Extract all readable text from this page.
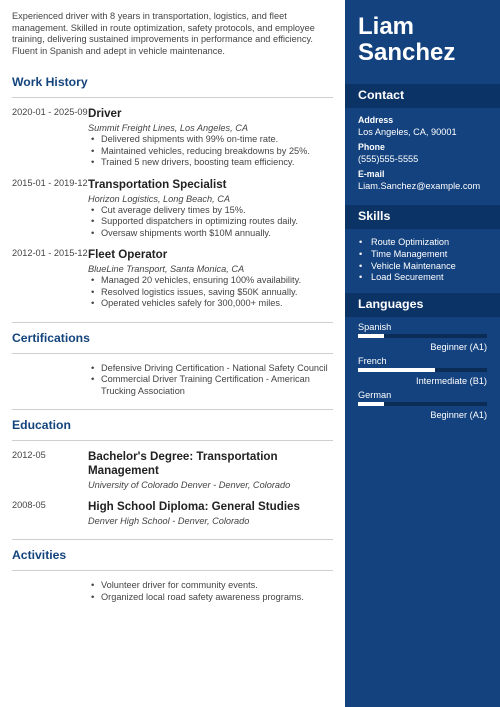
Experienced driver with 8 years in transportation, logistics, and fleet management. Skilled in route optimization, safety protocols, and employee training, delivering sustained improvements in performance and efficiency. Fluent in Spanish and adept in vehicle maintenance.

Work History
2020-01 - 2025-09 Driver
Summit Freight Lines, Los Angeles, CA
• Delivered shipments with 99% on-time rate.
• Maintained vehicles, reducing breakdowns by 25%.
• Trained 5 new drivers, boosting team efficiency.
2015-01 - 2019-12 Transportation Specialist
Horizon Logistics, Long Beach, CA
• Cut average delivery times by 15%.
• Supported dispatchers in optimizing routes daily.
• Oversaw shipments worth $10M annually.
2012-01 - 2015-12 Fleet Operator
BlueLine Transport, Santa Monica, CA
• Managed 20 vehicles, ensuring 100% availability.
• Resolved logistics issues, saving $50K annually.
• Operated vehicles safely for 300,000+ miles.
Certifications
• Defensive Driving Certification - National Safety Council
• Commercial Driver Training Certification - American Trucking Association
Education
2012-05	Bachelor's Degree: Transportation Management
University of Colorado Denver - Denver, Colorado
2008-05	High School Diploma: General Studies
Denver High School - Denver, Colorado
Activities
• Volunteer driver for community events.
• Organized local road safety awareness programs.
Liam
Sanchez
Contact
Address
Los Angeles, CA, 90001
Phone
(555)555-5555
E-mail
Liam.Sanchez@example.com
Skills
• Route Optimization
• Time Management
• Vehicle Maintenance
• Load Securement
Languages
Spanish
Beginner (A1)
French
Intermediate (B1)
German
Beginner (A1)
